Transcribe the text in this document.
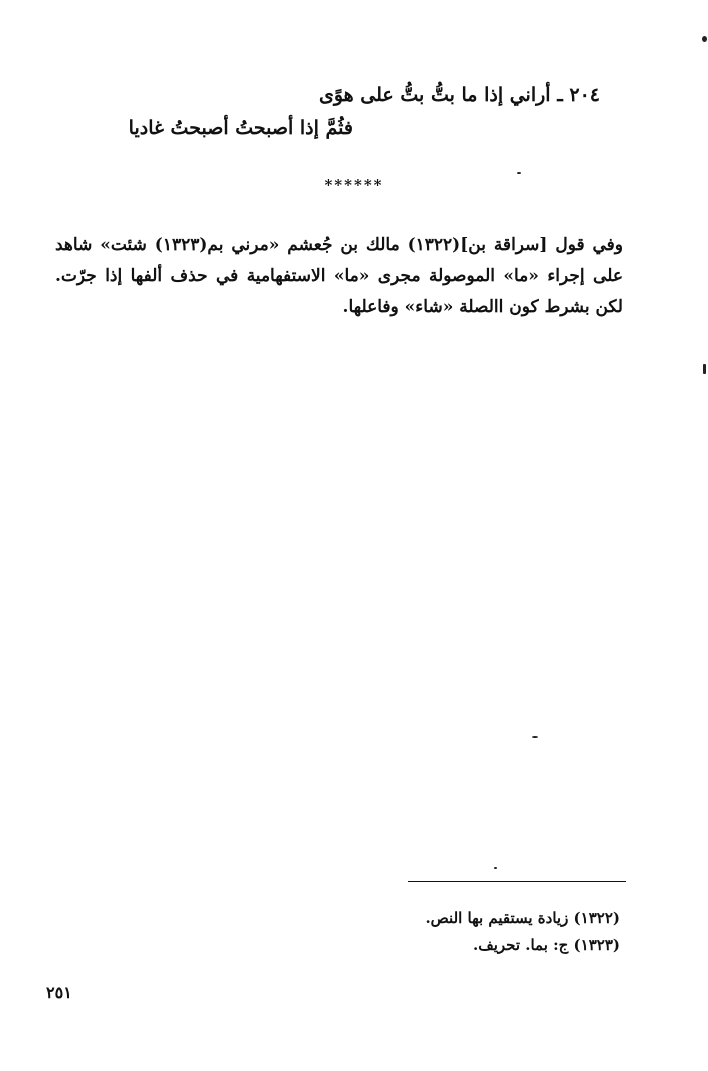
٢٠٤ ـ أراني إذا ما بتُّ بتُّ على هوًى
فثُمَّ إذا أصبحتُ أصبحتُ غاديا
******
وفي قول [سراقة بن](١٣٢٢) مالك بن جُعشم «مرني بم(١٣٢٣) شئت» شاهد على إجراء «ما» الموصولة مجرى «ما» الاستفهامية في حذف ألفها إذا جرّت. لكن بشرط كون االصلة «شاء» وفاعلها.
(١٣٢٢) زيادة يستقيم بها النص.
(١٣٢٣) ج: بما. تحريف.
٢٥١
